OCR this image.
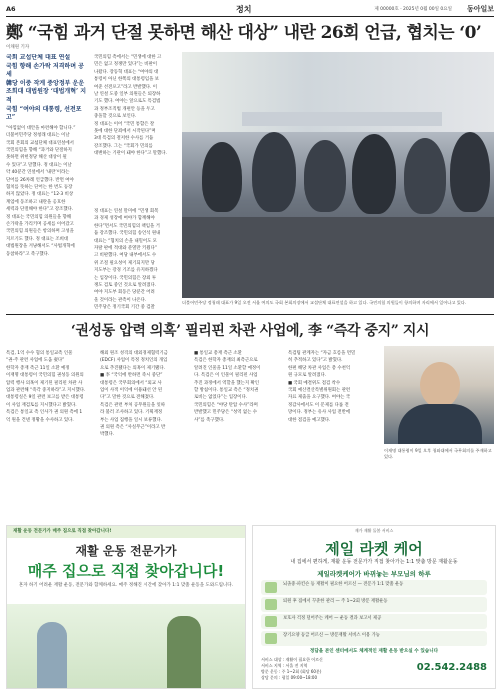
A6	정치	제 00000호 · 2025년 0월 00일 0요일 동아일보
鄭 “국힘 과거 단절 못하면 해산 대상” 내란 26회 언급, 협치는 ‘0’
이채원 기자
국회 교섭단체 대표 연설
국힘 향해 손가락 저격하며 공세
韓당 이중 작게 중앙정부 운운
조희대 대법원장 ‘대법개혁’ 지적
국힘 “여야의 대통령, 선전포고”
“아낌없이 대안을 마련해야 합니다.”
더불어민주당 정청래 대표는 이날
국회 본회의 교섭단체 대표연설에서
국민의힘을 향해 “과거와 단절하지
못하면 위헌정당 해산 대상이 될
수 있다”고 말했다. 정 대표는 이날
약 40분간 연설에서 ‘내란’이라는
단어를 26차례 언급했다. 반면 여야
협치를 뜻하는 단어는 한 번도 등장
하지 않았다. 정 대표는 “12·3 비상
계엄에 동조하고 내란을 옹호한
세력과 단절해야 한다”고 강조했다.
정 대표는 국민의힘 의원들을 향해
손가락을 가리키며 공세를 이어갔고
국민의힘 의원들은 항의하며 고성을
지르기도 했다. 정 대표는 조희대
대법원장을 겨냥해서도 “사법개혁에
동참하라”고 촉구했다.
국민의힘 측에서는 “민생에 대한 고
민은 없고 정쟁만 있다”는 비판이
나왔다. 장동혁 대표는 “여야의 대
통령이 아닌 한쪽의 대통령임을 보
여준 선전포고”라고 반발했다. 이
날 연설 도중 일부 의원들은 퇴장하
기도 했다. 여야는 앞으로도 특검법
과 정부조직법 개편안 등을 두고
충돌할 것으로 보인다.
정 대표는 이어 “국민 통합은 잘
못에 대한 단죄에서 시작된다”며
3대 특검의 철저한 수사를 거듭
강조했다. 그는 “국회가 민의를
대변하는 기관이 돼야 한다”고 말했다.
정 대표는 연설 말미에 “민생 회복
과 경제 성장에 여야가 함께해야
한다”면서도 국민의힘의 책임을 거
듭 강조했다. 국민의힘 송언석 원내
대표는 “협치의 손을 내밀어도 모
자랄 판에 적대와 분열만 키웠다”
고 비판했다. 여당 내부에서도 수
위 조절 필요성이 제기되지만 당
지도부는 강경 기조를 유지하겠다
는 입장이다. 국민의힘은 장외 투
쟁도 검토 중인 것으로 알려졌다.
여야 지도부 회동은 당분간 어려
울 것이라는 관측이 나온다.
민주당은 정기국회 기간 중 검찰
더불어민주당 정청래 대표가 9일 오전 서울 여의도 국회 본회의장에서 교섭단체 대표연설을 하고 있다. 국민의힘 의원들이 항의하며 자리에서 일어나고 있다.
‘권성동 압력 의혹’ 필리핀 차관 사업에, 李 “즉각 중지” 지시
특검, 1억 수수 혐의 통일교측 인물
“권-주 관련 사업에 도움 줬다”
한학자 총재 측근 11일 소환 예정
이재명 대통령이 국민의힘 권성동 의원의
압력 행사 의혹이 제기된 필리핀 차관 사
업과 관련해 “즉각 중지하라”고 지시했다.
대통령실은 9일 관련 보고를 받은 대통령
이 사업 재검토를 지시했다고 밝혔다.
특검은 통일교 측 인사가 권 의원 측에 1
억 원을 건넨 정황을 수사하고 있다.
해외 원조 성격의 대외경제협력기금
(EDCF) 사업이 특정 정치인의 개입
으로 추진됐다는 의혹이 제기됐다.
■ 李 “국익에 반하면 즉시 중단”
대통령은 국무회의에서 “외교 사
업이 사적 이익에 이용돼선 안 된
다”고 말한 것으로 전해졌다.
특검은 관련 부처 공무원들을 잇따
라 불러 조사하고 있다. 기획재정
부는 사업 집행을 일시 보류했다.
권 의원 측은 “사실무근”이라고 반
박했다.
■ 통일교 총재 측근 소환
특검은 한학자 총재의 최측근으로
알려진 인물을 11일 소환할 예정이
다. 특검은 이 인물이 필리핀 사업
추진 과정에서 역할을 했는지 확인
할 방침이다. 통일교 측은 “정치권
로비는 없었다”는 입장이다.
국민의힘은 “야당 탄압 수사”라며
반발했고 민주당은 “성역 없는 수
사”를 촉구했다.
특검팀 관계자는 “자금 흐름을 면밀
히 추적하고 있다”고 밝혔다.
한편 해당 차관 사업은 총 수천억
원 규모로 알려졌다.
■ 국회 예결위도 점검 착수
국회 예산결산특별위원회는 관련
자료 제출을 요구했다. 여야는 국
정감사에서도 이 문제를 다룰 전
망이다. 정부는 유사 사업 전반에
대한 점검을 예고했다.
이재명 대통령이 9일 오후 청와대에서 국무회의를 주재하고 있다.
재활 운동 전문가가 매주 집으로 직접 찾아갑니다!
재활 운동 전문가가
매주 집으로 직접 찾아갑니다!
혼자 하기 어려운 재활 운동, 전문가와 함께하세요. 매주 정해진 시간에 찾아가 1:1 맞춤 운동을 도와드립니다.
재가 재활 돌봄 서비스
제일 라켓 케어
내 집에서 편하게, 재활 운동 전문가가 직접 찾아가는 1:1 맞춤 방문 재활운동
제일라켓케어가 바뀌놓는 부모님의 하루
뇌졸중·파킨슨 등 재활이 필요한 어르신 — 전문가 1:1 맞춤 운동
퇴원 후 집에서 꾸준한 관리 — 주 1~2회 방문 재활운동
보호자 걱정 덜어주는 케어 — 운동 결과 보고서 제공
장기요양 등급 어르신 — 방문재활 서비스 이용 가능
정답을 본인 센터에서도 체계적인 재활 운동 받으실 수 있습니다
서비스 대상 : 재활이 필요한 어르신
서비스 지역 : 서울 전 지역
방문 운동 : 주 1~2회 (회당 60분)
상담 문의 : 평일 09:00~18:00
02.542.2488
